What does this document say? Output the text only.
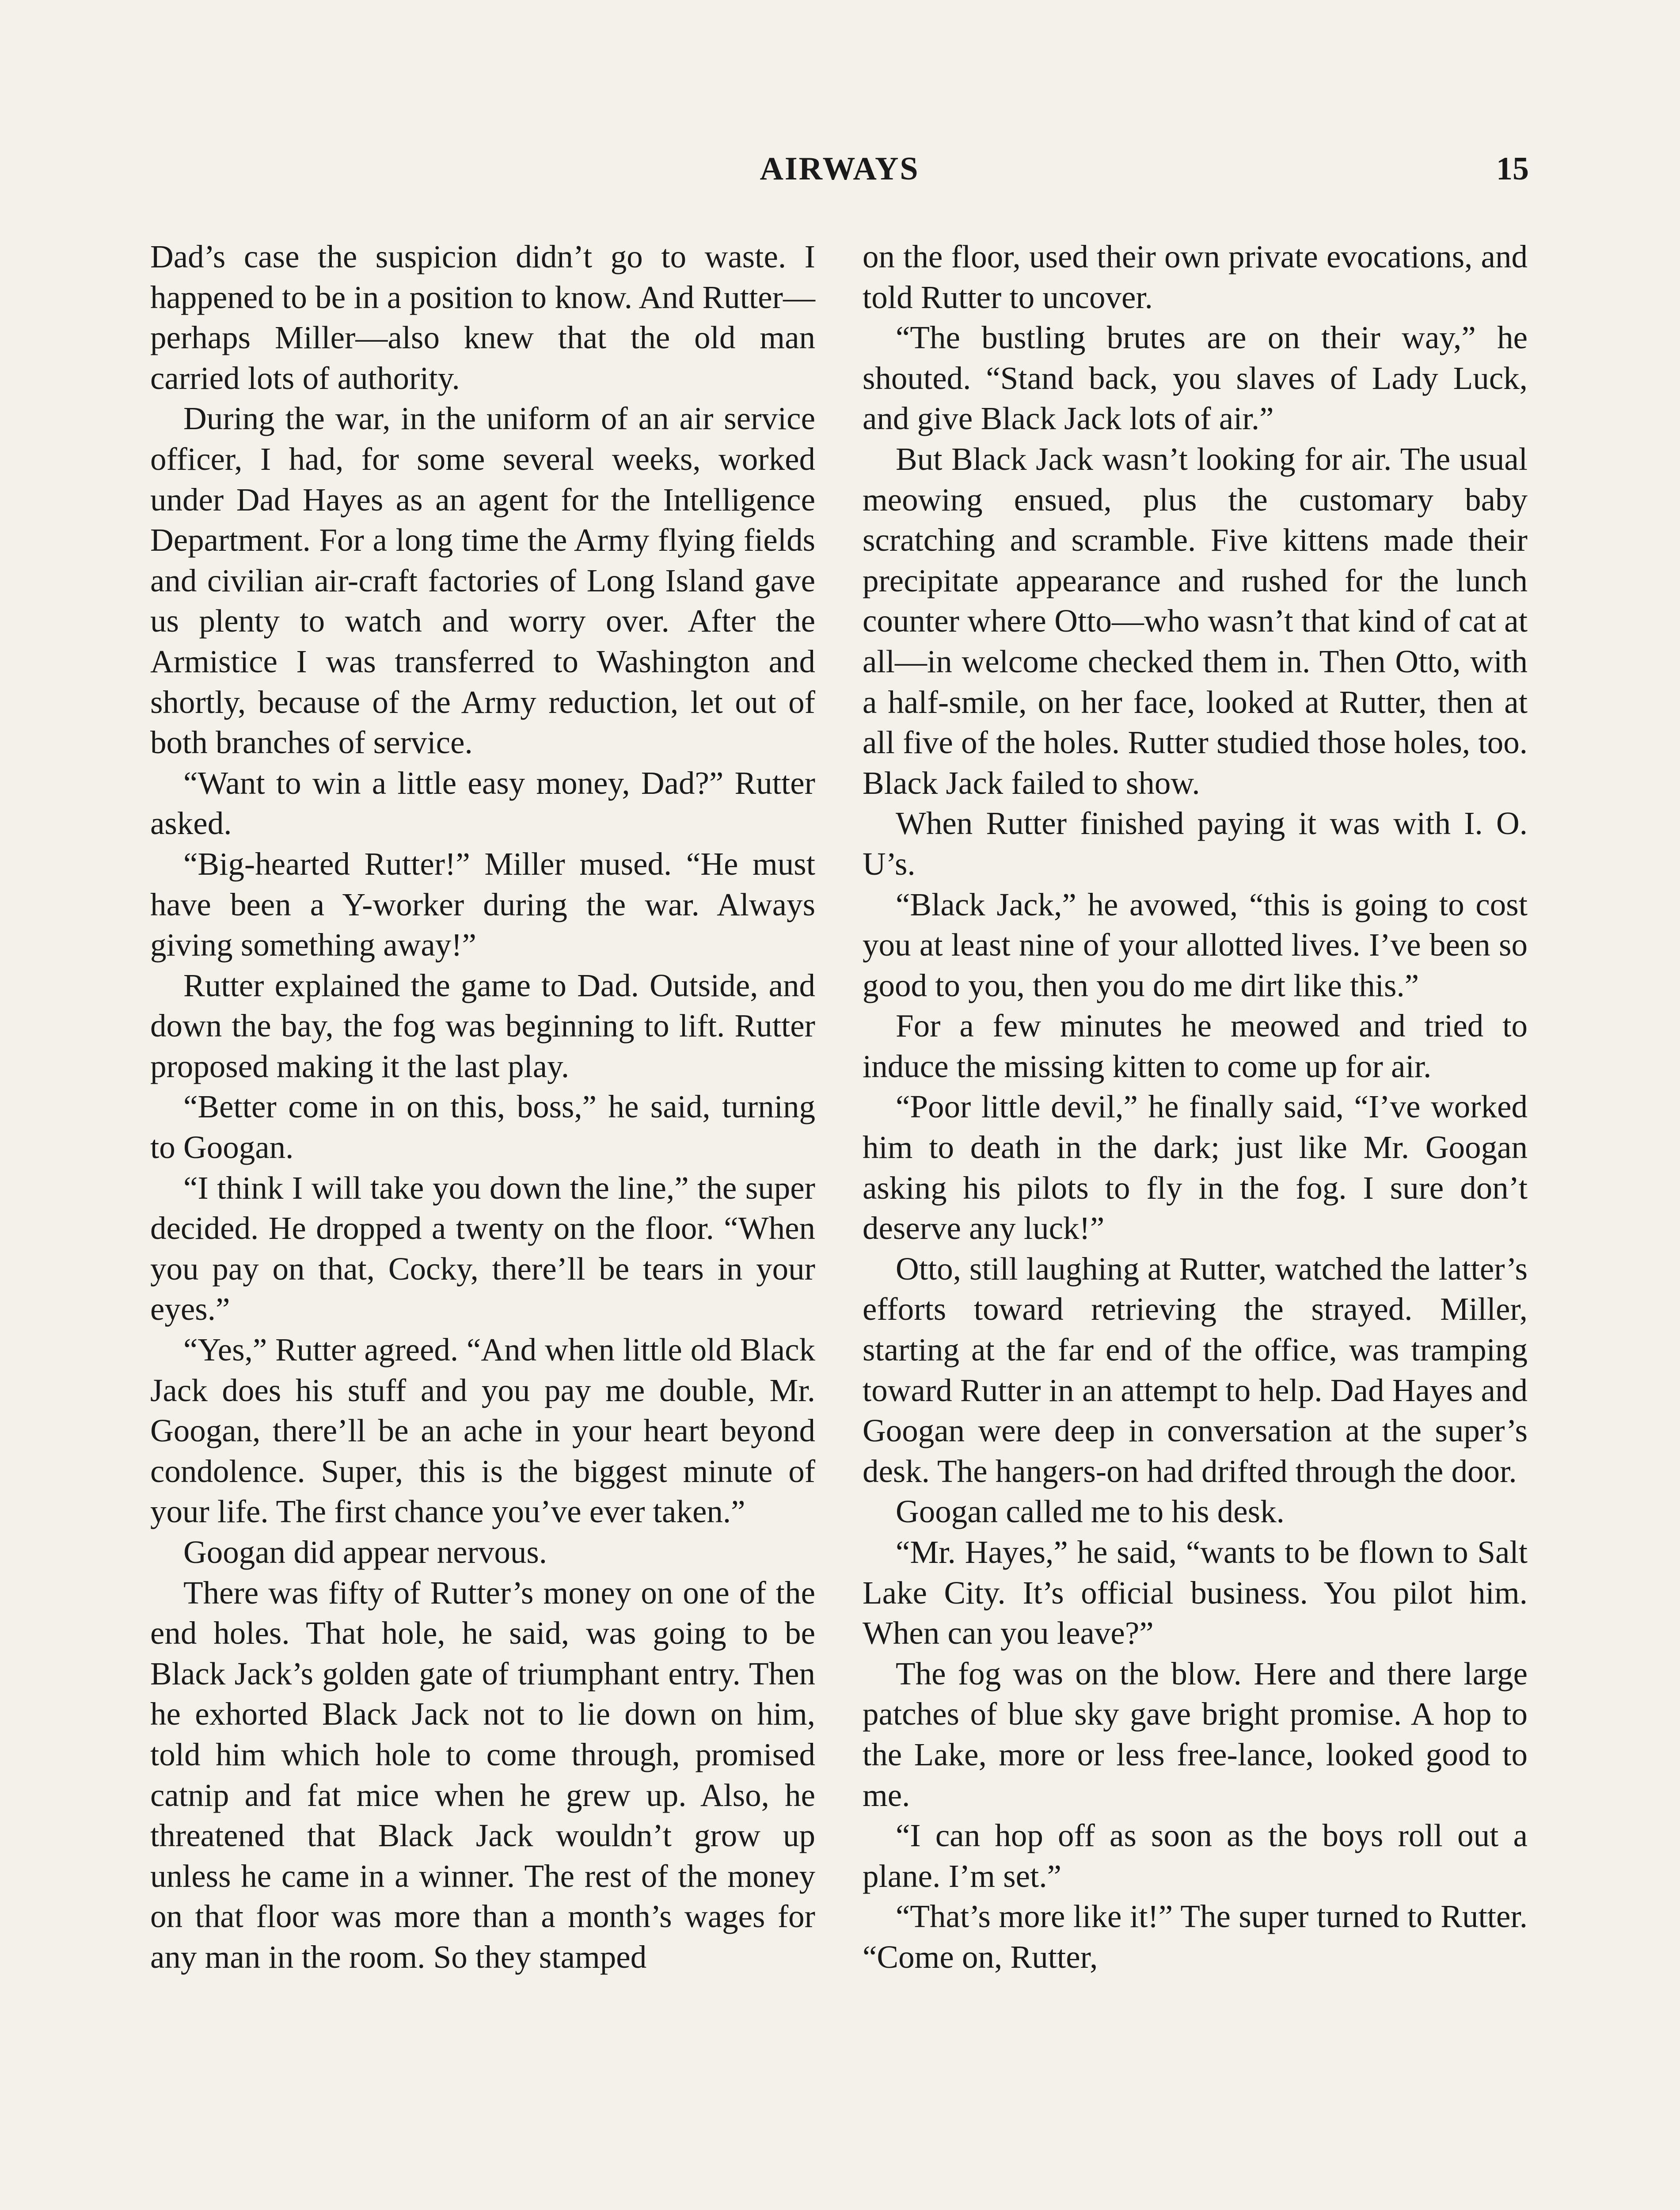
AIRWAYS	15

Dad’s case the suspicion didn’t go to waste. I happened to be in a position to know. And Rutter—perhaps Miller—also knew that the old man carried lots of authority.

During the war, in the uniform of an air service officer, I had, for some several weeks, worked under Dad Hayes as an agent for the Intelligence Department. For a long time the Army flying fields and civilian air-craft factories of Long Island gave us plenty to watch and worry over. After the Armistice I was transferred to Washington and shortly, because of the Army reduction, let out of both branches of service.

“Want to win a little easy money, Dad?” Rutter asked.

“Big-hearted Rutter!” Miller mused. “He must have been a Y-worker during the war. Always giving something away!”

Rutter explained the game to Dad. Outside, and down the bay, the fog was beginning to lift. Rutter proposed making it the last play.

“Better come in on this, boss,” he said, turning to Googan.

“I think I will take you down the line,” the super decided. He dropped a twenty on the floor. “When you pay on that, Cocky, there’ll be tears in your eyes.”

“Yes,” Rutter agreed. “And when little old Black Jack does his stuff and you pay me double, Mr. Googan, there’ll be an ache in your heart beyond condolence. Super, this is the biggest minute of your life. The first chance you’ve ever taken.”

Googan did appear nervous.

There was fifty of Rutter’s money on one of the end holes. That hole, he said, was going to be Black Jack’s golden gate of triumphant entry. Then he exhorted Black Jack not to lie down on him, told him which hole to come through, promised catnip and fat mice when he grew up. Also, he threatened that Black Jack wouldn’t grow up unless he came in a winner. The rest of the money on that floor was more than a month’s wages for any man in the room. So they stamped

on the floor, used their own private evocations, and told Rutter to uncover.

“The bustling brutes are on their way,” he shouted. “Stand back, you slaves of Lady Luck, and give Black Jack lots of air.”

But Black Jack wasn’t looking for air. The usual meowing ensued, plus the customary baby scratching and scramble. Five kittens made their precipitate appearance and rushed for the lunch counter where Otto—who wasn’t that kind of cat at all—in welcome checked them in. Then Otto, with a half-smile, on her face, looked at Rutter, then at all five of the holes. Rutter studied those holes, too. Black Jack failed to show.

When Rutter finished paying it was with I. O. U’s.

“Black Jack,” he avowed, “this is going to cost you at least nine of your allotted lives. I’ve been so good to you, then you do me dirt like this.”

For a few minutes he meowed and tried to induce the missing kitten to come up for air.

“Poor little devil,” he finally said, “I’ve worked him to death in the dark; just like Mr. Googan asking his pilots to fly in the fog. I sure don’t deserve any luck!”

Otto, still laughing at Rutter, watched the latter’s efforts toward retrieving the strayed. Miller, starting at the far end of the office, was tramping toward Rutter in an attempt to help. Dad Hayes and Googan were deep in conversation at the super’s desk. The hangers-on had drifted through the door.

Googan called me to his desk.

“Mr. Hayes,” he said, “wants to be flown to Salt Lake City. It’s official business. You pilot him. When can you leave?”

The fog was on the blow. Here and there large patches of blue sky gave bright promise. A hop to the Lake, more or less free-lance, looked good to me.

“I can hop off as soon as the boys roll out a plane. I’m set.”

“That’s more like it!” The super turned to Rutter. “Come on, Rutter,
